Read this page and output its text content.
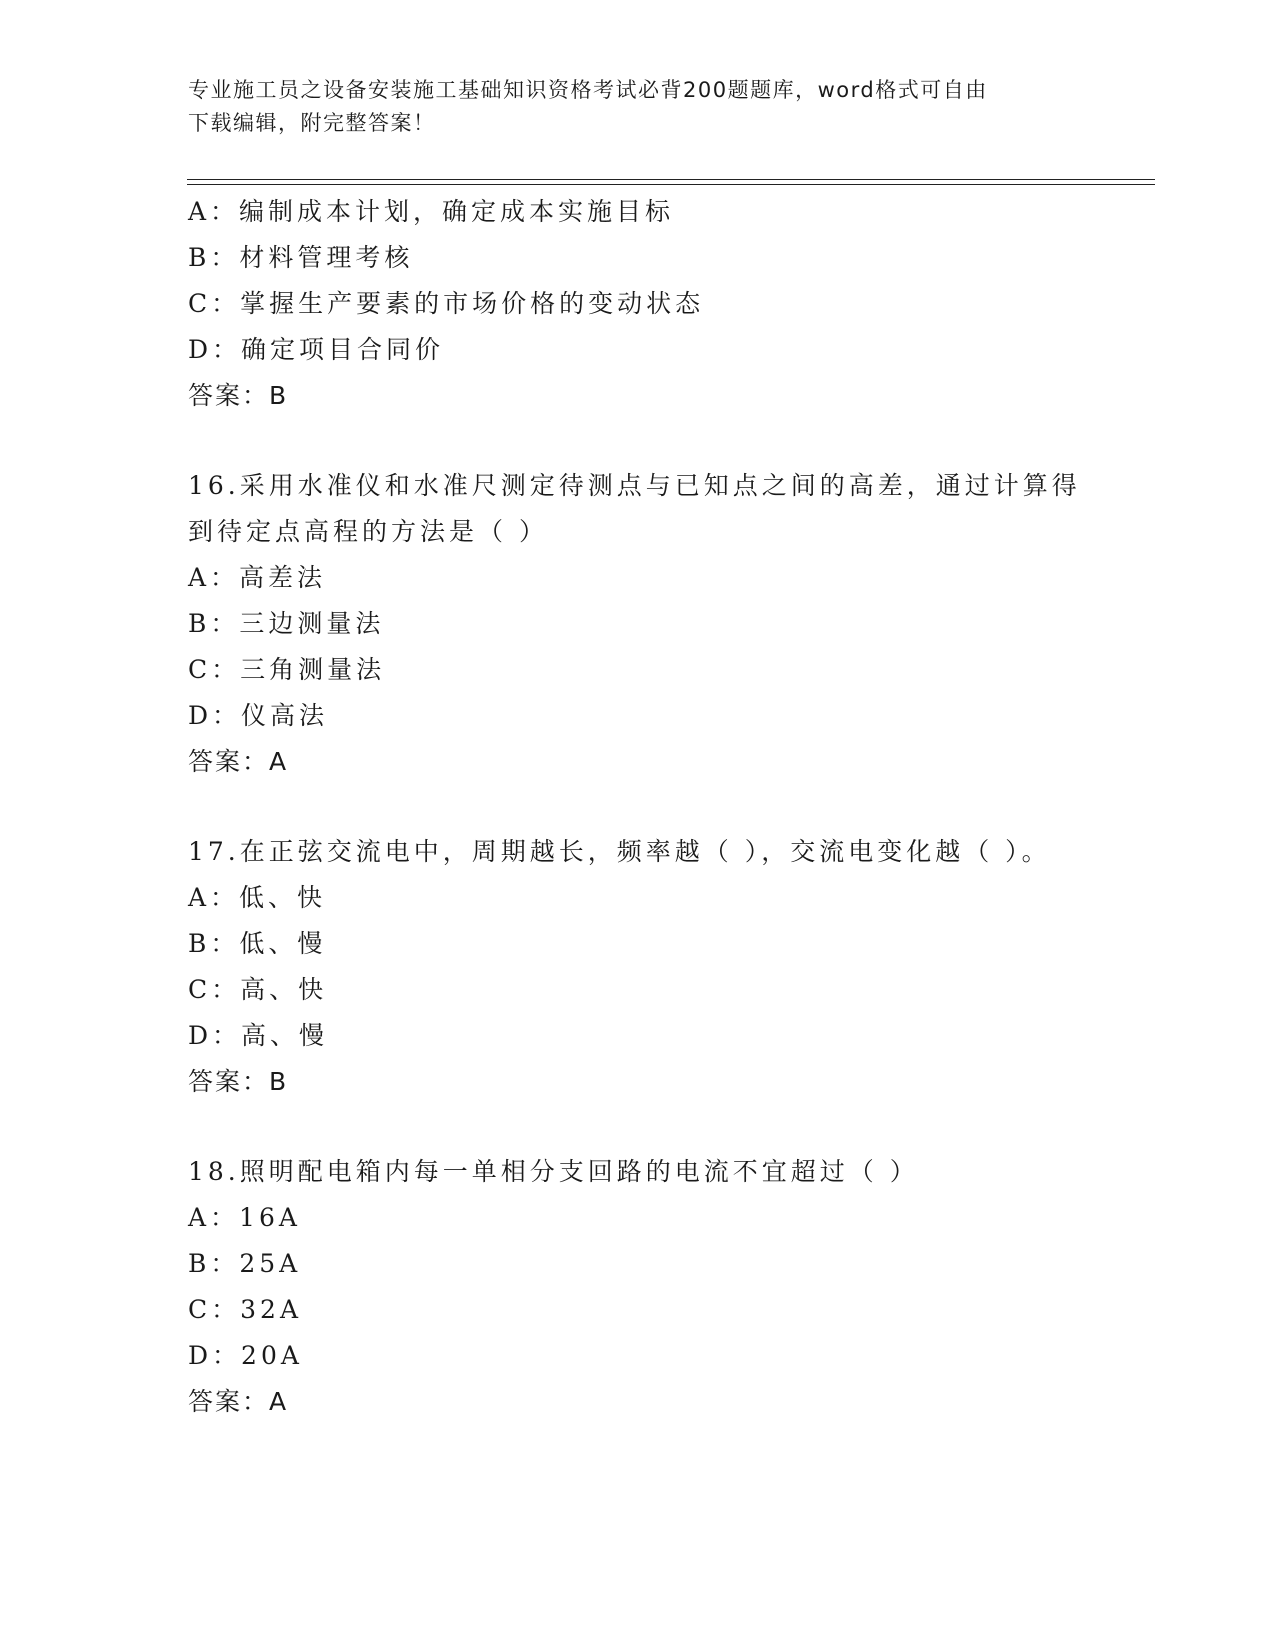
专业施工员之设备安装施工基础知识资格考试必背200题题库，word格式可自由
下载编辑，附完整答案！
A：编制成本计划，确定成本实施目标
B：材料管理考核
C：掌握生产要素的市场价格的变动状态
D：确定项目合同价
答案：B
16.采用水准仪和水准尺测定待测点与已知点之间的高差，通过计算得
到待定点高程的方法是（ ）
A：高差法
B：三边测量法
C：三角测量法
D：仪高法
答案：A
17.在正弦交流电中，周期越长，频率越（ ），交流电变化越（ ）。
A：低、快
B：低、慢
C：高、快
D：高、慢
答案：B
18.照明配电箱内每一单相分支回路的电流不宜超过（ ）
A：16A
B：25A
C：32A
D：20A
答案：A
